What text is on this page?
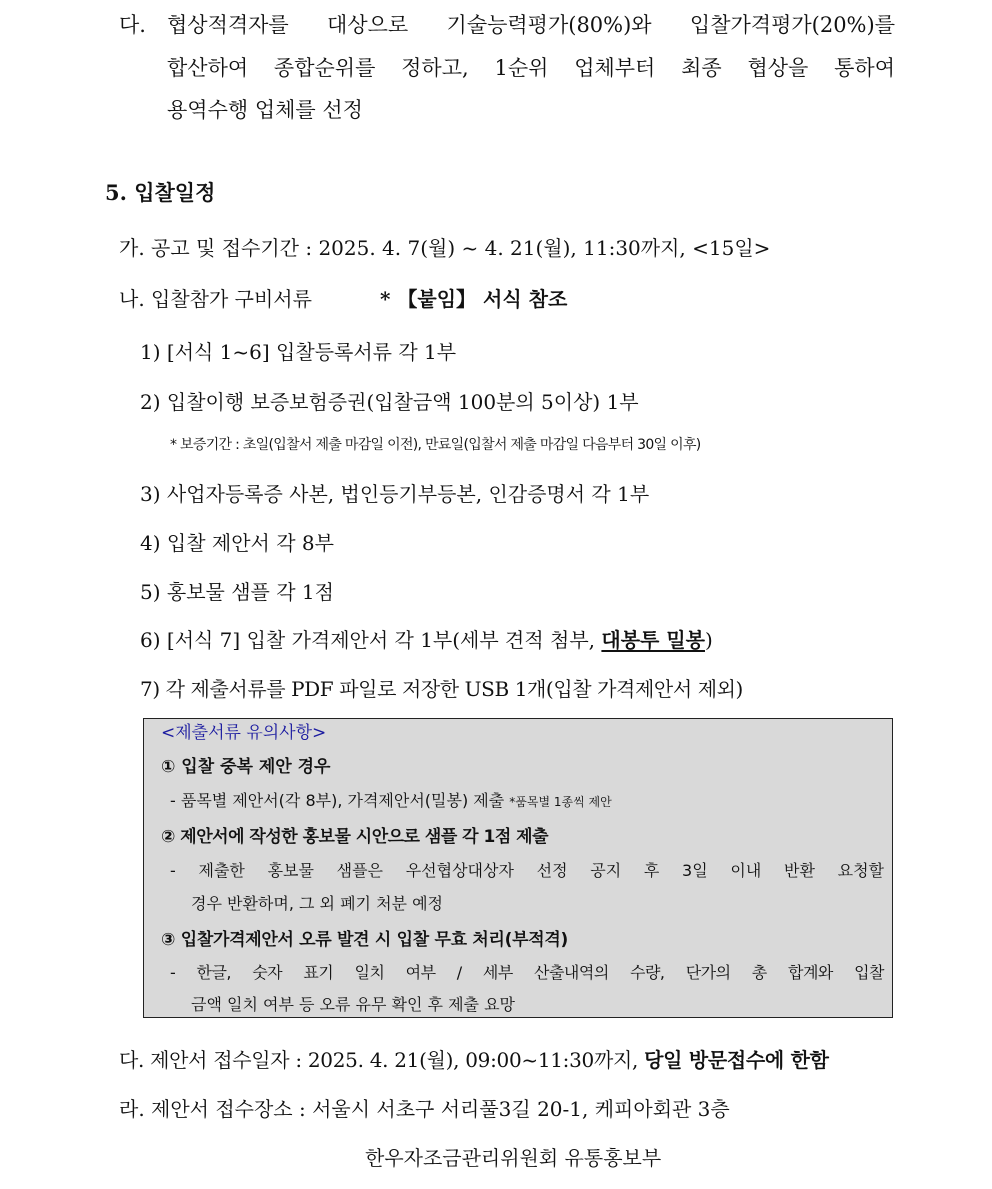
다. 협상적격자를 대상으로 기술능력평가(80%)와 입찰가격평가(20%)를
합산하여 종합순위를 정하고, 1순위 업체부터 최종 협상을 통하여
용역수행 업체를 선정
5. 입찰일정
가. 공고 및 접수기간 : 2025. 4. 7(월) ~ 4. 21(월), 11:30까지, <15일>
나. 입찰참가 구비서류	* 【붙임】 서식 참조
1) [서식 1~6] 입찰등록서류 각 1부
2) 입찰이행 보증보험증권(입찰금액 100분의 5이상) 1부
* 보증기간 : 초일(입찰서 제출 마감일 이전), 만료일(입찰서 제출 마감일 다음부터 30일 이후)
3) 사업자등록증 사본, 법인등기부등본, 인감증명서 각 1부
4) 입찰 제안서 각 8부
5) 홍보물 샘플 각 1점
6) [서식 7] 입찰 가격제안서 각 1부(세부 견적 첨부, 대봉투 밀봉)
7) 각 제출서류를 PDF 파일로 저장한 USB 1개(입찰 가격제안서 제외)
<제출서류 유의사항>
① 입찰 중복 제안 경우
- 품목별 제안서(각 8부), 가격제안서(밀봉) 제출 *품목별 1종씩 제안
② 제안서에 작성한 홍보물 시안으로 샘플 각 1점 제출
- 제출한 홍보물 샘플은 우선협상대상자 선정 공지 후 3일 이내 반환 요청할
경우 반환하며, 그 외 폐기 처분 예정
③ 입찰가격제안서 오류 발견 시 입찰 무효 처리(부적격)
- 한글, 숫자 표기 일치 여부 / 세부 산출내역의 수량, 단가의 총 합계와 입찰
금액 일치 여부 등 오류 유무 확인 후 제출 요망
다. 제안서 접수일자 : 2025. 4. 21(월), 09:00~11:30까지, 당일 방문접수에 한함
라. 제안서 접수장소 : 서울시 서초구 서리풀3길 20-1, 케피아회관 3층
한우자조금관리위원회 유통홍보부
